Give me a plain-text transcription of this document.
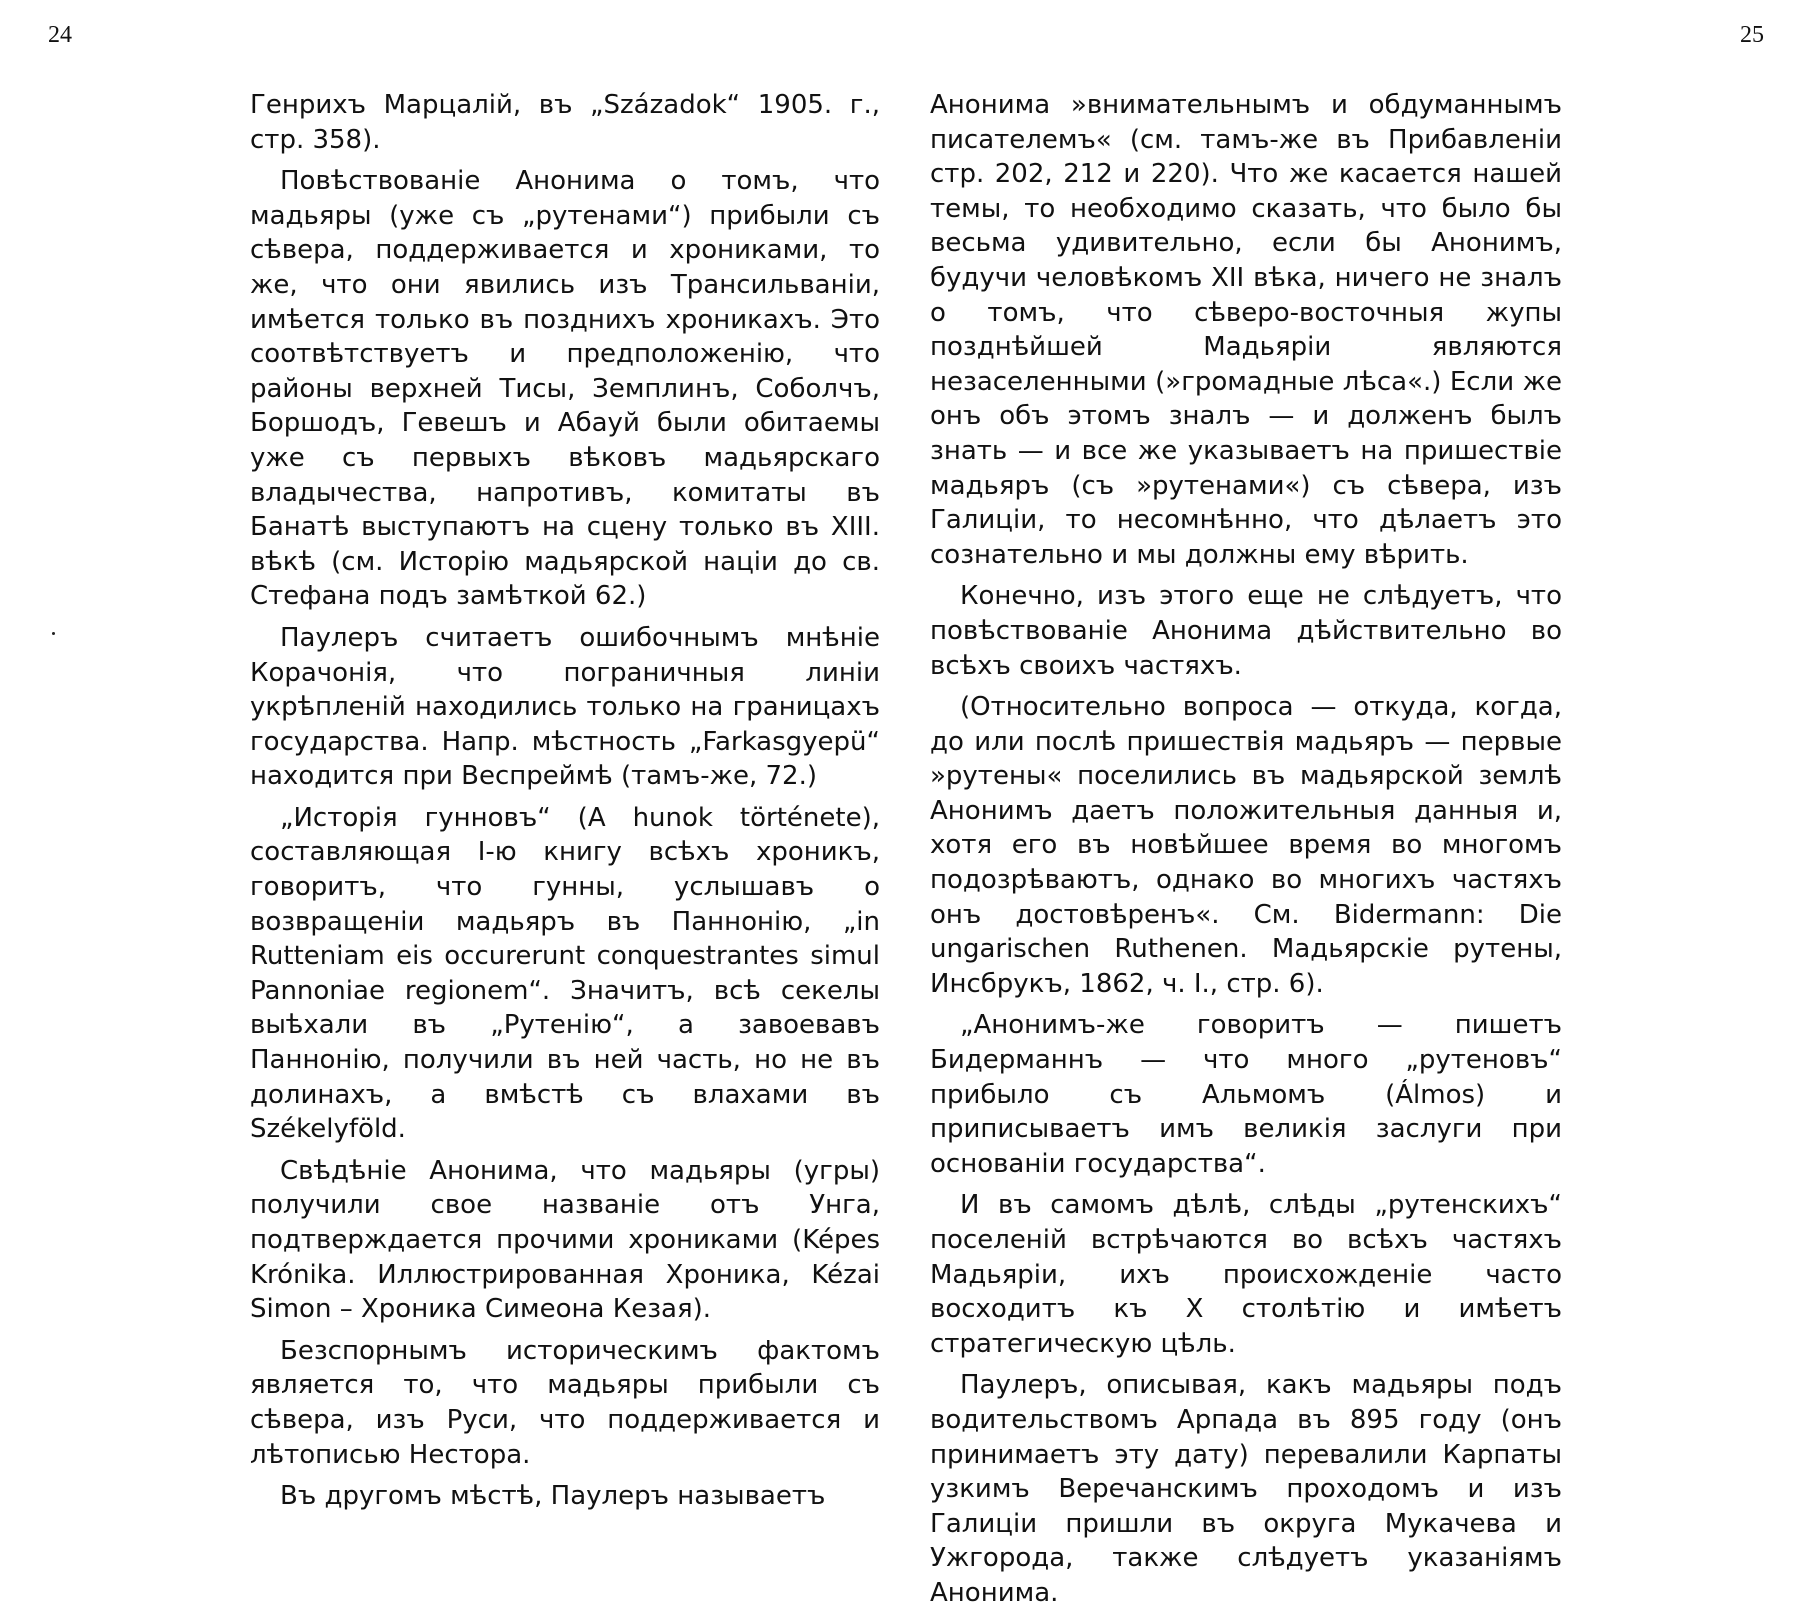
24	25

Генрихъ Марцалій, въ „Századok“ 1905. г., стр. 358).

Повѣствованіе Анонима о томъ, что мадьяры (уже съ „рутенами“) прибыли съ сѣвера, поддерживается и хрониками, то же, что они явились изъ Трансильваніи, имѣется только въ позднихъ хроникахъ. Это соотвѣтствуетъ и предположенію, что районы верхней Тисы, Земплинъ, Соболчъ, Боршодъ, Гевешъ и Абауй были обитаемы уже съ первыхъ вѣковъ мадьярскаго владычества, напротивъ, комитаты въ Банатѣ выступаютъ на сцену только въ XIII. вѣкѣ (см. Исторію мадьярской націи до св. Стефана подъ замѣткой 62.)

Паулеръ считаетъ ошибочнымъ мнѣніе Корачонія, что пограничныя линіи укрѣпленій находились только на границахъ государства. Напр. мѣстность „Farkasgyepü“ находится при Веспреймѣ (тамъ-же, 72.)

„Исторія гунновъ“ (A hunok története), составляющая I-ю книгу всѣхъ хроникъ, говоритъ, что гунны, услышавъ о возвращеніи мадьяръ въ Паннонію, „in Rutteniam eis occurerunt conquestrantes simul Pannoniae regionem“. Значитъ, всѣ секелы выѣхали въ „Рутенію“, а завоевавъ Паннонію, получили въ ней часть, но не въ долинахъ, а вмѣстѣ съ влахами въ Székelyföld.

Свѣдѣніе Анонима, что мадьяры (угры) получили свое названіе отъ Унга, подтверждается прочими хрониками (Képes Krónika. Иллюстрированная Хроника, Kézai Simon – Хроника Симеона Кезая).

Безспорнымъ историческимъ фактомъ является то, что мадьяры прибыли съ сѣвера, изъ Руси, что поддерживается и лѣтописью Нестора.

Въ другомъ мѣстѣ, Паулеръ называетъ

Анонима »внимательнымъ и обдуманнымъ писателемъ« (см. тамъ-же въ Прибавленіи стр. 202, 212 и 220). Что же касается нашей темы, то необходимо сказать, что было бы весьма удивительно, если бы Анонимъ, будучи человѣкомъ XII вѣка, ничего не зналъ о томъ, что сѣверо-восточныя жупы позднѣйшей Мадьяріи являются незаселенными (»громадные лѣса«.) Если же онъ объ этомъ зналъ — и долженъ былъ знать — и все же указываетъ на пришествіе мадьяръ (съ »рутенами«) съ сѣвера, изъ Галиціи, то несомнѣнно, что дѣлаетъ это сознательно и мы должны ему вѣрить.

Конечно, изъ этого еще не слѣдуетъ, что повѣствованіе Анонима дѣйствительно во всѣхъ своихъ частяхъ.

(Относительно вопроса — откуда, когда, до или послѣ пришествія мадьяръ — первые »рутены« поселились въ мадьярской землѣ Анонимъ даетъ положительныя данныя и, хотя его въ новѣйшее время во многомъ подозрѣваютъ, однако во многихъ частяхъ онъ достовѣренъ«. См. Bidermann: Die ungarischen Ruthenen. Мадьярскіе рутены, Инсбрукъ, 1862, ч. I., стр. 6).

„Анонимъ-же говоритъ — пишетъ Бидерманнъ — что много „рутеновъ“ прибыло съ Альмомъ (Álmos) и приписываетъ имъ великія заслуги при основаніи государства“.

И въ самомъ дѣлѣ, слѣды „рутенскихъ“ поселеній встрѣчаются во всѣхъ частяхъ Мадьяріи, ихъ происхожденіе часто восходитъ къ X столѣтію и имѣетъ стратегическую цѣль.

Паулеръ, описывая, какъ мадьяры подъ водительствомъ Арпада въ 895 году (онъ принимаетъ эту дату) перевалили Карпаты узкимъ Веречанскимъ проходомъ и изъ Галиціи пришли въ округа Мукачева и Ужгорода, также слѣдуетъ указаніямъ Анонима.
